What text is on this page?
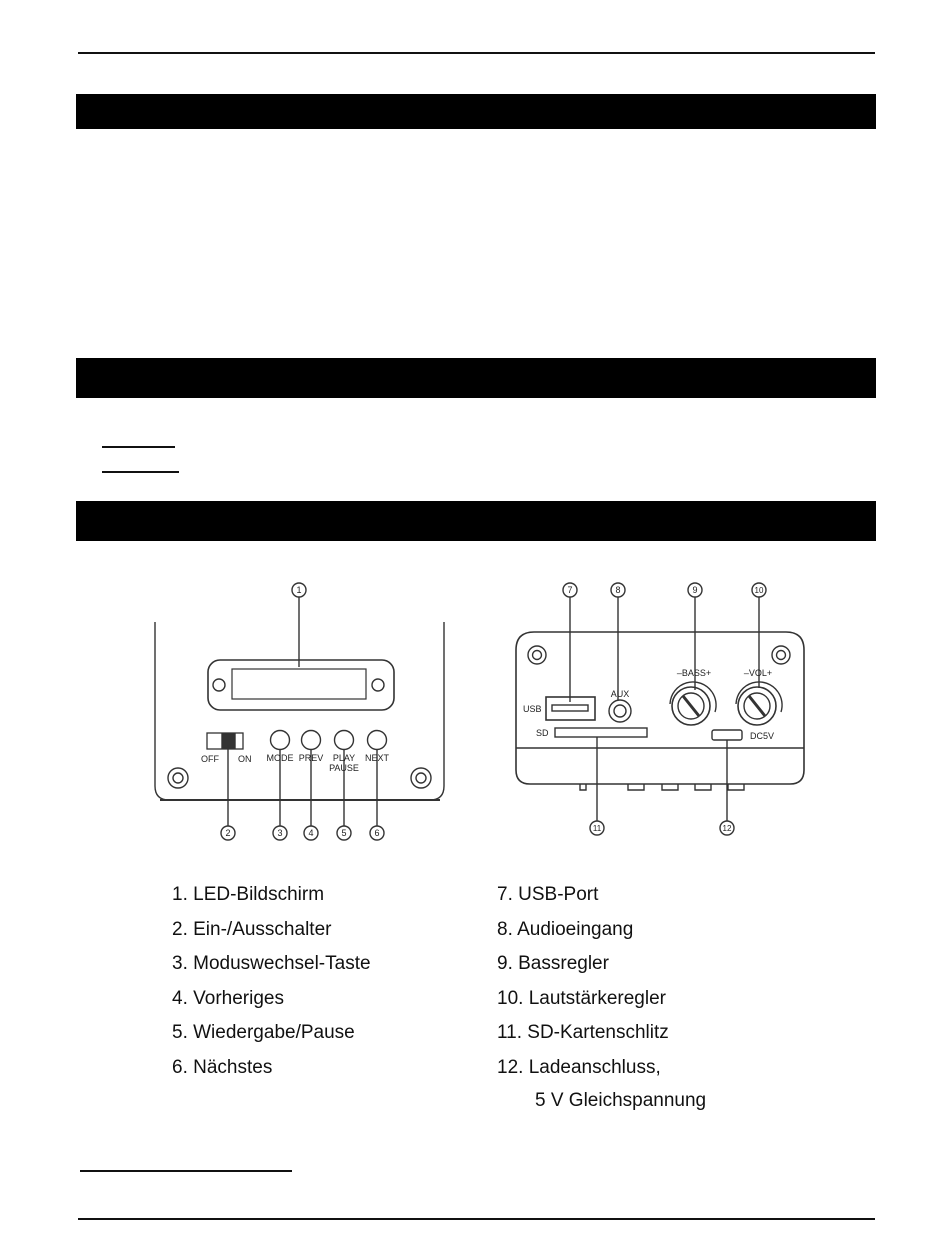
1
2	3	4	5	6
7	8	9	10
11	12
OFF ON MODE PREV PLAY
PAUSE
NEXT
USB
AUX
SD
–BASS+	–VOL+
DC5V
1. LED-Bildschirm
2. Ein-/Ausschalter
3. Moduswechsel-Taste
4. Vorheriges
5. Wiedergabe/Pause
6. Nächstes
7. USB-Port
8. Audioeingang
9. Bassregler
10. Lautstärkeregler
11. SD-Kartenschlitz
12. Ladeanschluss,
5 V Gleichspannung
